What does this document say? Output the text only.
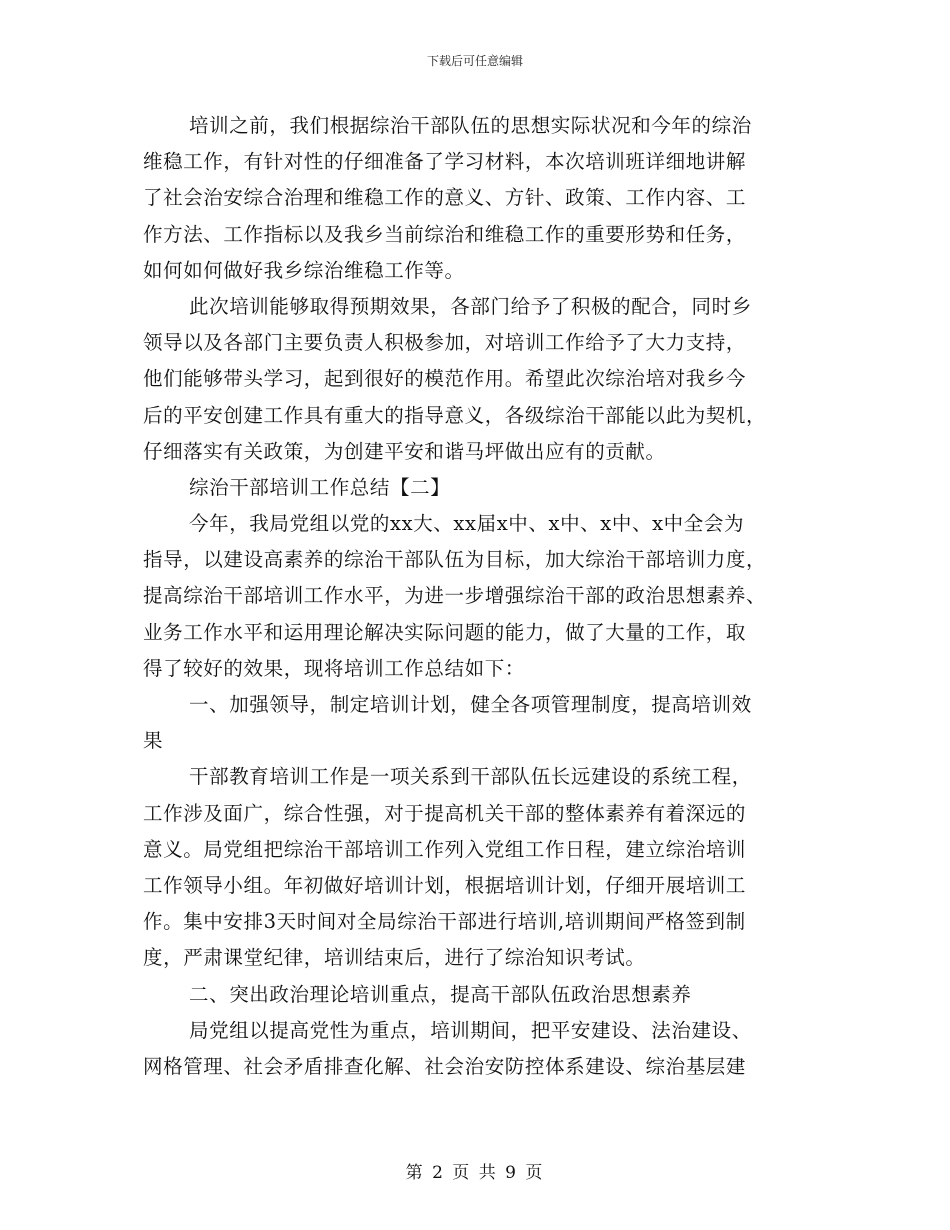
下载后可任意编辑
培训之前，我们根据综治干部队伍的思想实际状况和今年的综治
维稳工作，有针对性的仔细准备了学习材料，本次培训班详细地讲解
了社会治安综合治理和维稳工作的意义、方针、政策、工作内容、工
作方法、工作指标以及我乡当前综治和维稳工作的重要形势和任务，
如何如何做好我乡综治维稳工作等。
此次培训能够取得预期效果，各部门给予了积极的配合，同时乡
领导以及各部门主要负责人积极参加，对培训工作给予了大力支持，
他们能够带头学习，起到很好的模范作用。希望此次综治培对我乡今
后的平安创建工作具有重大的指导意义，各级综治干部能以此为契机，
仔细落实有关政策，为创建平安和谐马坪做出应有的贡献。
综治干部培训工作总结【二】
今年，我局党组以党的xx大、xx届x中、x中、x中、x中全会为
指导，以建设高素养的综治干部队伍为目标，加大综治干部培训力度，
提高综治干部培训工作水平，为进一步增强综治干部的政治思想素养、
业务工作水平和运用理论解决实际问题的能力，做了大量的工作，取
得了较好的效果，现将培训工作总结如下：
一、加强领导，制定培训计划，健全各项管理制度，提高培训效
果
干部教育培训工作是一项关系到干部队伍长远建设的系统工程，
工作涉及面广，综合性强，对于提高机关干部的整体素养有着深远的
意义。局党组把综治干部培训工作列入党组工作日程，建立综治培训
工作领导小组。年初做好培训计划，根据培训计划，仔细开展培训工
作。集中安排3天时间对全局综治干部进行培训,培训期间严格签到制
度，严肃课堂纪律，培训结束后，进行了综治知识考试。
二、突出政治理论培训重点，提高干部队伍政治思想素养
局党组以提高党性为重点，培训期间，把平安建设、法治建设、
网格管理、社会矛盾排查化解、社会治安防控体系建设、综治基层建
第 2 页 共 9 页
